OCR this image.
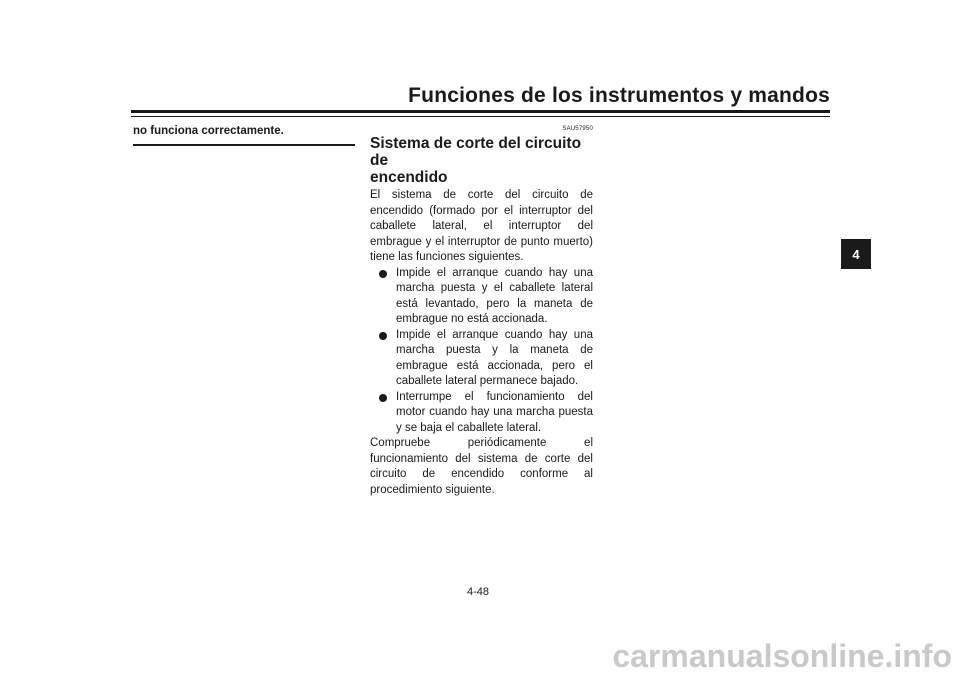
Funciones de los instrumentos y mandos
no funciona correctamente.	SAU57950
Sistema de corte del circuito de
encendido
El sistema de corte del circuito de encendido (formado por el interruptor del caballete lateral, el interruptor del embrague y el interruptor de punto muerto) tiene las funciones siguientes.
Impide el arranque cuando hay una marcha puesta y el caballete lateral está levantado, pero la maneta de embrague no está accionada.
Impide el arranque cuando hay una marcha puesta y la maneta de embrague está accionada, pero el caballete lateral permanece bajado.
Interrumpe el funcionamiento del motor cuando hay una marcha puesta y se baja el caballete lateral.
Compruebe periódicamente el funcionamiento del sistema de corte del circuito de encendido conforme al procedimiento siguiente.
4
4-48
carmanualsonline.info
